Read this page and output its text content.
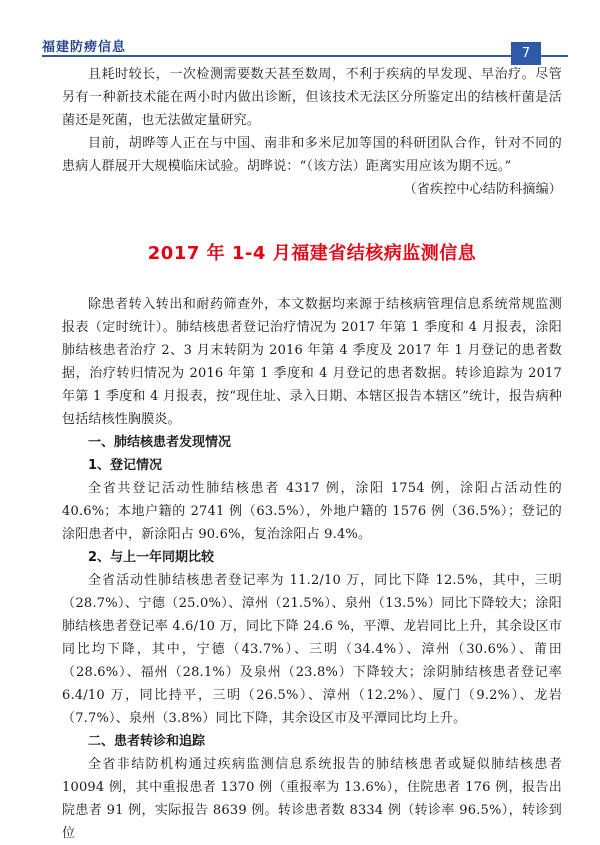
福建防痨信息	7

且耗时较长，一次检测需要数天甚至数周，不利于疾病的早发现、早治疗。尽管另有一种新技术能在两小时内做出诊断，但该技术无法区分所鉴定出的结核杆菌是活菌还是死菌，也无法做定量研究。

目前，胡晔等人正在与中国、南非和多米尼加等国的科研团队合作，针对不同的患病人群展开大规模临床试验。胡晔说：“（该方法）距离实用应该为期不远。”

（省疾控中心结防科摘编）

2017 年 1-4 月福建省结核病监测信息

除患者转入转出和耐药筛查外，本文数据均来源于结核病管理信息系统常规监测报表（定时统计）。肺结核患者登记治疗情况为 2017 年第 1 季度和 4 月报表，涂阳肺结核患者治疗 2、3 月末转阴为 2016 年第 4 季度及 2017 年 1 月登记的患者数据，治疗转归情况为 2016 年第 1 季度和 4 月登记的患者数据。转诊追踪为 2017 年第 1 季度和 4 月报表，按“现住址、录入日期、本辖区报告本辖区”统计，报告病种包括结核性胸膜炎。

一、肺结核患者发现情况

1、登记情况

全省共登记活动性肺结核患者 4317 例，涂阳 1754 例，涂阳占活动性的 40.6%；本地户籍的 2741 例（63.5%），外地户籍的 1576 例（36.5%）；登记的涂阳患者中，新涂阳占 90.6%，复治涂阳占 9.4%。

2、与上一年同期比较

全省活动性肺结核患者登记率为 11.2/10 万，同比下降 12.5%，其中，三明（28.7%）、宁德（25.0%）、漳州（21.5%）、泉州（13.5%）同比下降较大；涂阳肺结核患者登记率 4.6/10 万，同比下降 24.6 %，平潭、龙岩同比上升，其余设区市同比均下降，其中，宁德（43.7%）、三明（34.4%）、漳州（30.6%）、莆田（28.6%）、福州（28.1%）及泉州（23.8%）下降较大；涂阴肺结核患者登记率 6.4/10 万，同比持平，三明（26.5%）、漳州（12.2%）、厦门（9.2%）、龙岩（7.7%）、泉州（3.8%）同比下降，其余设区市及平潭同比均上升。

二、患者转诊和追踪

全省非结防机构通过疾病监测信息系统报告的肺结核患者或疑似肺结核患者 10094 例，其中重报患者 1370 例（重报率为 13.6%），住院患者 176 例，报告出院患者 91 例，实际报告 8639 例。转诊患者数 8334 例（转诊率 96.5%），转诊到位
